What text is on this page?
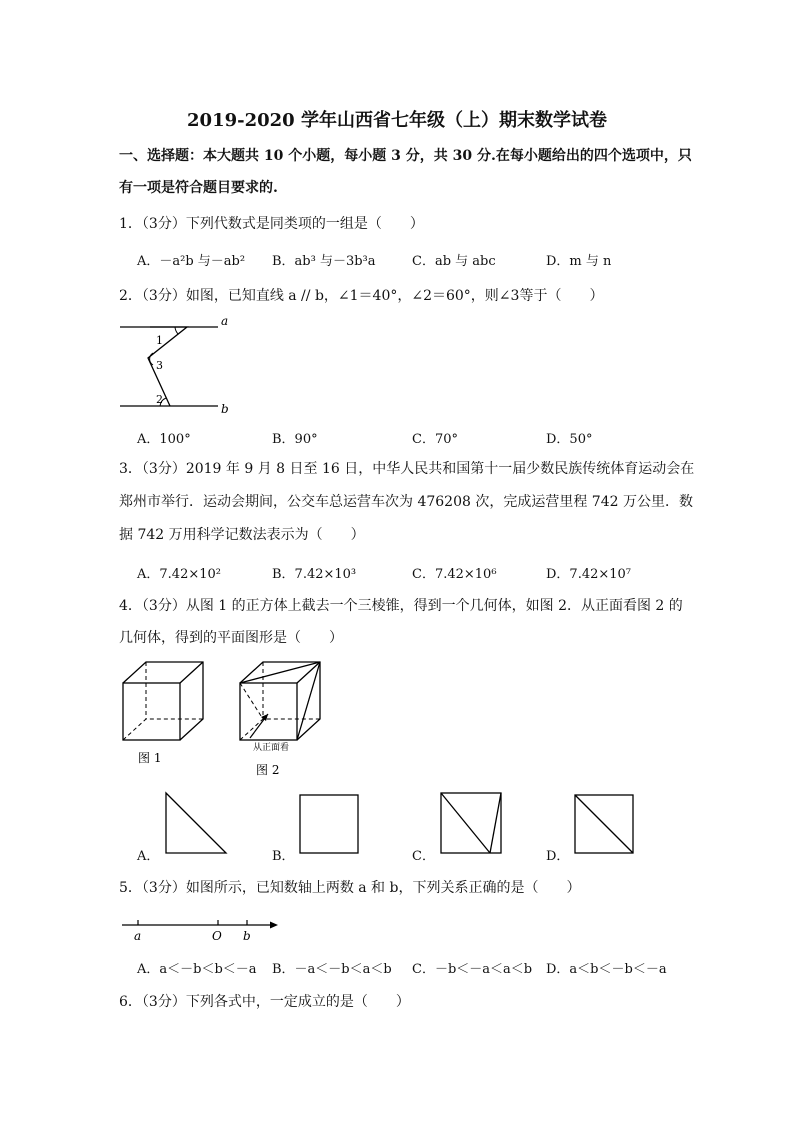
2019-2020 学年山西省七年级（上）期末数学试卷
一、选择题：本大题共 10 个小题，每小题 3 分，共 30 分.在每小题给出的四个选项中，只
有一项是符合题目要求的.
1．（3分）下列代数式是同类项的一组是（　　）
A．－a²b 与－ab² B．ab³ 与－3b³a	C．ab 与 abc	D．m 与 n
2．（3分）如图，已知直线 a // b，∠1＝40°，∠2＝60°，则∠3等于（　　）
a
b
1
3
2
A．100°	B．90°	C．70°	D．50°
3．（3分）2019 年 9 月 8 日至 16 日，中华人民共和国第十一届少数民族传统体育运动会在
郑州市举行．运动会期间，公交车总运营车次为 476208 次，完成运营里程 742 万公里．数
据 742 万用科学记数法表示为（　　）
A．7.42×10²	B．7.42×10³	C．7.42×10⁶	D．7.42×10⁷
4．（3分）从图 1 的正方体上截去一个三棱锥，得到一个几何体，如图 2．从正面看图 2 的
几何体，得到的平面图形是（　　）
图 1
从正面看
图 2
A．	B．	C．	D．
5．（3分）如图所示，已知数轴上两数 a 和 b，下列关系正确的是（　　）
a	O b
A．a＜－b＜b＜－a B．－a＜－b＜a＜b C．－b＜－a＜a＜b D．a＜b＜－b＜－a
6．（3分）下列各式中，一定成立的是（　　）
